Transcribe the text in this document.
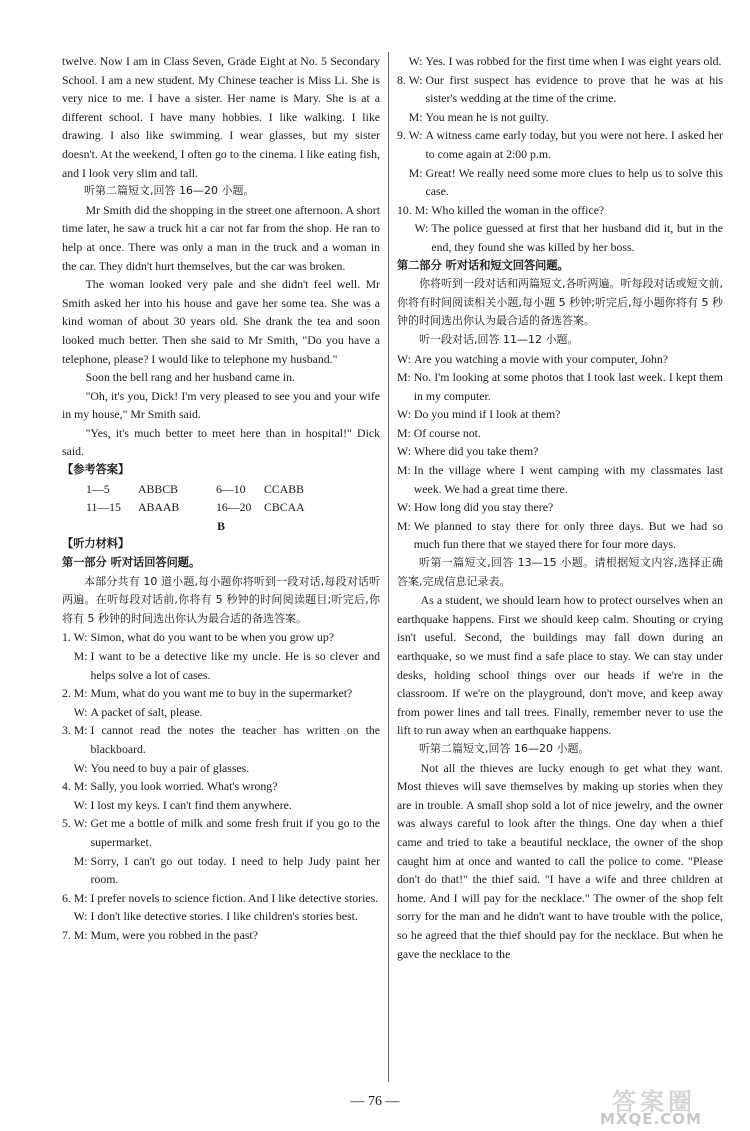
twelve. Now I am in Class Seven, Grade Eight at No. 5 Secondary School. I am a new student. My Chinese teacher is Miss Li. She is very nice to me. I have a sister. Her name is Mary. She is at a different school. I have many hobbies. I like walking. I like drawing. I also like swimming. I wear glasses, but my sister doesn't. At the weekend, I often go to the cinema. I like eating fish, and I look very slim and tall.

听第二篇短文,回答 16—20 小题。

Mr Smith did the shopping in the street one afternoon. A short time later, he saw a truck hit a car not far from the shop. He ran to help at once. There was only a man in the truck and a woman in the car. They didn't hurt themselves, but the car was broken.

The woman looked very pale and she didn't feel well. Mr Smith asked her into his house and gave her some tea. She was a kind woman of about 30 years old. She drank the tea and soon looked much better. Then she said to Mr Smith, "Do you have a telephone, please? I would like to telephone my husband."

Soon the bell rang and her husband came in.

"Oh, it's you, Dick! I'm very pleased to see you and your wife in my house," Mr Smith said.

"Yes, it's much better to meet here than in hospital!" Dick said.

【参考答案】

1—5 ABBCB	6—10 CCABB

11—15 ABAAB	16—20 CBCAA

B

【听力材料】

第一部分 听对话回答问题。

本部分共有 10 道小题,每小题你将听到一段对话,每段对话听两遍。在听每段对话前,你将有 5 秒钟的时间阅读题目;听完后,你将有 5 秒钟的时间选出你认为最合适的备选答案。

1. W: Simon, what do you want to be when you grow up?
M: I want to be a detective like my uncle. He is so clever and helps solve a lot of cases.
2. M: Mum, what do you want me to buy in the supermarket?
W: A packet of salt, please.
3. M: I cannot read the notes the teacher has written on the blackboard.
W: You need to buy a pair of glasses.
4. M: Sally, you look worried. What's wrong?
W: I lost my keys. I can't find them anywhere.
5. W: Get me a bottle of milk and some fresh fruit if you go to the supermarket.
M: Sorry, I can't go out today. I need to help Judy paint her room.
6. M: I prefer novels to science fiction. And I like detective stories.
W: I don't like detective stories. I like children's stories best.
7. M: Mum, were you robbed in the past?
W: Yes. I was robbed for the first time when I was eight years old.
8. W: Our first suspect has evidence to prove that he was at his sister's wedding at the time of the crime.
M: You mean he is not guilty.
9. W: A witness came early today, but you were not here. I asked her to come again at 2:00 p.m.
M: Great! We really need some more clues to help us to solve this case.
10. M: Who killed the woman in the office?
W: The police guessed at first that her husband did it, but in the end, they found she was killed by her boss.

第二部分 听对话和短文回答问题。

你将听到一段对话和两篇短文,各听两遍。听每段对话或短文前,你将有时间阅读相关小题,每小题 5 秒钟;听完后,每小题你将有 5 秒钟的时间选出你认为最合适的备选答案。

听一段对话,回答 11—12 小题。

W: Are you watching a movie with your computer, John?
M: No. I'm looking at some photos that I took last week. I kept them in my computer.
W: Do you mind if I look at them?
M: Of course not.
W: Where did you take them?
M: In the village where I went camping with my classmates last week. We had a great time there.
W: How long did you stay there?
M: We planned to stay there for only three days. But we had so much fun there that we stayed there for four more days.

听第一篇短文,回答 13—15 小题。请根据短文内容,选择正确答案,完成信息记录表。

As a student, we should learn how to protect ourselves when an earthquake happens. First we should keep calm. Shouting or crying isn't useful. Second, the buildings may fall down during an earthquake, so we must find a safe place to stay. We can stay under desks, holding school things over our heads if we're in the classroom. If we're on the playground, don't move, and keep away from power lines and tall trees. Finally, remember never to use the lift to run away when an earthquake happens.

听第二篇短文,回答 16—20 小题。

Not all the thieves are lucky enough to get what they want. Most thieves will save themselves by making up stories when they are in trouble. A small shop sold a lot of nice jewelry, and the owner was always careful to look after the things. One day when a thief came and tried to take a beautiful necklace, the owner of the shop caught him at once and wanted to call the police to come. "Please don't do that!" the thief said. "I have a wife and three children at home. And I will pay for the necklace." The owner of the shop felt sorry for the man and he didn't want to have trouble with the police, so he agreed that the thief should pay for the necklace. But when he gave the necklace to the

— 76 —	答案圈
MXQE.COM
